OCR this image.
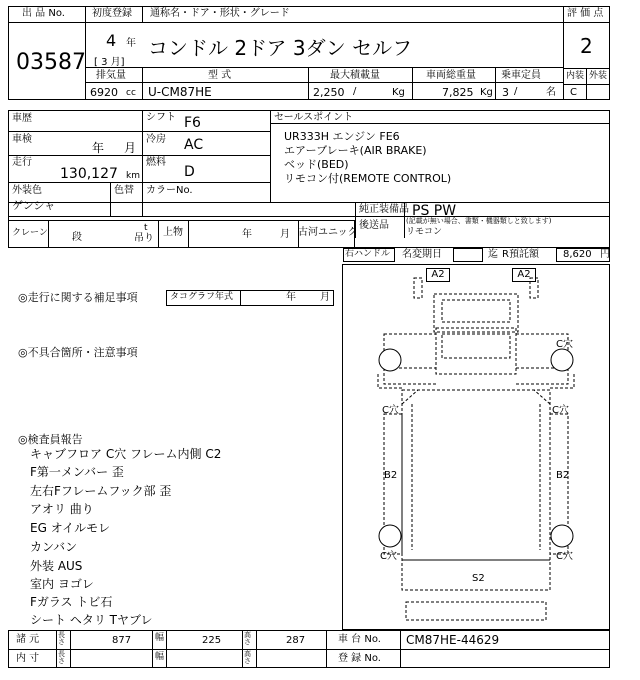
出 品 No.
03587
初度登録 通称名・ドア・形状・グレード
4 年
[ 3 月]
コンドル 2ドア 3ダン セルフ
評 価 点
2
内装 外装
C
排気量
6920 cc
型 式
U-CM87HE
最大積載量
2,250 /	Kg
車両総重量
7,825 Kg
乗車定員
3 /	名
車歴
車検
年 月
走行
130,127 km
シフト F6
冷房 AC
燃料
D
外装色
ゲンシャ
色替 カラーNo.
セールスポイント
UR333H エンジン FE6
エアーブレーキ(AIR BRAKE)
ベッド(BED)
リモコン付(REMOTE CONTROL)
純正装備品 PS PW
後送品 (記載が無い場合、書類・機器類しと致します)
リモコン
クレーン 段
t
吊り
上物	年	月 古河ユニック
右ハンドル 名変期日	迄 R預託額 8,620 円
◎走行に関する補足事項	タコグラフ年式	年 月
◎不具合箇所・注意事項
◎検査員報告
キャブフロア C穴 フレーム内側 C2
F第一メンバー 歪
左右Fフレームフック部 歪
アオリ 曲り
EG オイルモレ
カンバン
外装 AUS
室内 ヨゴレ
Fガラス トビ石
シート ヘタリ Tヤブレ
A2	A2
C穴
C穴	C穴
B2	B2
C穴	C穴
S2
諸 元	長さ	877	幅	225	高さ	287
内 寸	長さ	幅	高さ
車 台 No. CM87HE-44629
登 録 No.
